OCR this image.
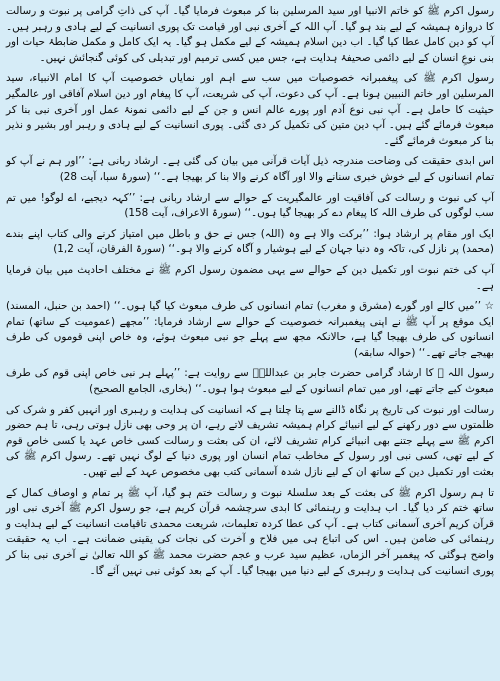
رسول اکرم ﷺ کو خاتم الانبیا اور سید المرسلین بنا کر مبعوث فرمایا گیا۔ آپ کی ذاتِ گرامی پر نبوت و رسالت کا دروازہ ہمیشہ کے لیے بند ہو گیا۔ آپ اللہ کے آخری نبی اور قیامت تک پوری انسانیت کے لیے ہادی و رہبر ہیں۔ آپ کو دین کامل عطا کیا گیا۔ اب دین اسلام ہمیشہ کے لیے مکمل ہو گیا۔ یہ ایک کامل و مکمل ضابطۂ حیات اور بنی نوعِ انسان کے لیے دائمی صحیفۂ ہدایت ہے، جس میں کسی ترمیم اور تبدیلی کی کوئی گنجائش نہیں۔

رسول اکرم ﷺ کی پیغمبرانہ خصوصیات میں سب سے اہم اور نمایاں خصوصیت آپ کا امام الانبیاء، سید المرسلین اور خاتم النبیین ہونا ہے۔ آپ کی دعوت، آپ کی شریعت، آپ کا پیغام اور دین اسلام آفاقی اور عالمگیر حیثیت کا حامل ہے۔ آپ نبی نوع آدم اور پورے عالم انس و جن کے لیے دائمی نمونۂ عمل اور آخری نبی بنا کر مبعوث فرمائے گئے ہیں۔ آپ دین متین کی تکمیل کر دی گئی۔ پوری انسانیت کے لیے ہادی و رہبر اور بشیر و نذیر بنا کر مبعوث فرمائے گئے۔

اس ابدی حقیقت کی وضاحت مندرجہ ذیل آیات قرآنی میں بیان کی گئی ہے۔ ارشاد ربانی ہے: ’’اور ہم نے آپ کو تمام انسانوں کے لیے خوش خبری سنانے والا اور آگاہ کرنے والا بنا کر بھیجا ہے۔‘‘ (سورۂ سبا، آیت 28)

آپ کی نبوت و رسالت کی آفاقیت اور عالمگیریت کے حوالے سے ارشاد ربانی ہے: ’’کہہ دیجیے، اے لوگو! میں تم سب لوگوں کی طرف اللہ کا پیغام دے کر بھیجا گیا ہوں۔‘‘ (سورۃ الاعراف، آیت 158)

ایک اور مقام پر ارشاد ہوا: ’’برکت والا ہے وہ (اللہ) جس نے حق و باطل میں امتیاز کرنے والی کتاب اپنے بندے (محمد) پر نازل کی، تاکہ وہ دنیا جہان کے لیے ہوشیار و آگاہ کرنے والا ہو۔‘‘ (سورۃ الفرقان، آیت 1,2)

آپ کی ختم نبوت اور تکمیل دین کے حوالے سے یہی مضمون رسول اکرم ﷺ نے مختلف احادیث میں بیان فرمایا ہے۔

☆ ’’میں کالے اور گورے (مشرق و مغرب) تمام انسانوں کی طرف مبعوث کیا گیا ہوں۔‘‘ (احمد بن حنبل، المسند) ایک موقع پر آپ ﷺ نے اپنی پیغمبرانہ خصوصیت کے حوالے سے ارشاد فرمایا: ’’مجھے (عمومیت کے ساتھ) تمام انسانوں کی طرف بھیجا گیا ہے، حالانکہ مجھ سے پہلے جو نبی مبعوث ہوئے، وہ خاص اپنی قوموں کی طرف بھیجے جاتے تھے۔‘‘ (حوالہ سابقہ)

رسول اللہ ﷺ کا ارشاد گرامی حضرت جابر بن عبداللہؓ سے روایت ہے: ’’پہلے ہر نبی خاص اپنی قوم کی طرف مبعوث کیے جاتے تھے، اور میں تمام انسانوں کے لیے مبعوث ہوا ہوں۔‘‘ (بخاری، الجامع الصحیح)

رسالت اور نبوت کی تاریخ پر نگاہ ڈالنے سے پتا چلتا ہے کہ انسانیت کی ہدایت و رہبری اور انہیں کفر و شرک کی ظلمتوں سے دور رکھنے کے لیے انبیائے کرام ہمیشہ تشریف لاتے رہے، ان پر وحی بھی نازل ہوتی رہی، تا ہم حضور اکرم ﷺ سے پہلے جتنے بھی انبیائے کرام تشریف لائے، ان کی بعثت و رسالت کسی خاص عہد یا کسی خاص قوم کے لیے تھی، کسی نبی اور رسول کے مخاطب تمام انسان اور پوری دنیا کے لوگ نہیں تھے۔ رسول اکرم ﷺ کی بعثت اور تکمیل دین کے ساتھ ان کے لیے نازل شدہ آسمانی کتب بھی مخصوص عہد کے لیے تھیں۔

تا ہم رسول اکرم ﷺ کی بعثت کے بعد سلسلۂ نبوت و رسالت ختم ہو گیا، آپ ﷺ پر تمام و اوصاف کمال کے ساتھ ختم کر دیا گیا۔ اب ہدایت و رہنمائی کا ابدی سرچشمہ قرآن کریم ہے، جو رسول اکرم ﷺ آخری نبی اور قرآن کریم آخری آسمانی کتاب ہے۔ آپ کی عطا کردہ تعلیمات، شریعت محمدی تاقیامت انسانیت کے لیے ہدایت و رہنمائی کی ضامن ہیں۔ اس کی اتباع ہی میں فلاح و آخرت کی نجات کی یقینی ضمانت ہے۔ اب یہ حقیقت واضح ہوگئی کہ پیغمبر آخر الزماں، عظیم سید عرب و عجم حضرت محمد ﷺ کو اللہ تعالیٰ نے آخری نبی بنا کر پوری انسانیت کی ہدایت و رہبری کے لیے دنیا میں بھیجا گیا۔ آپ کے بعد کوئی نبی نہیں آئے گا۔
